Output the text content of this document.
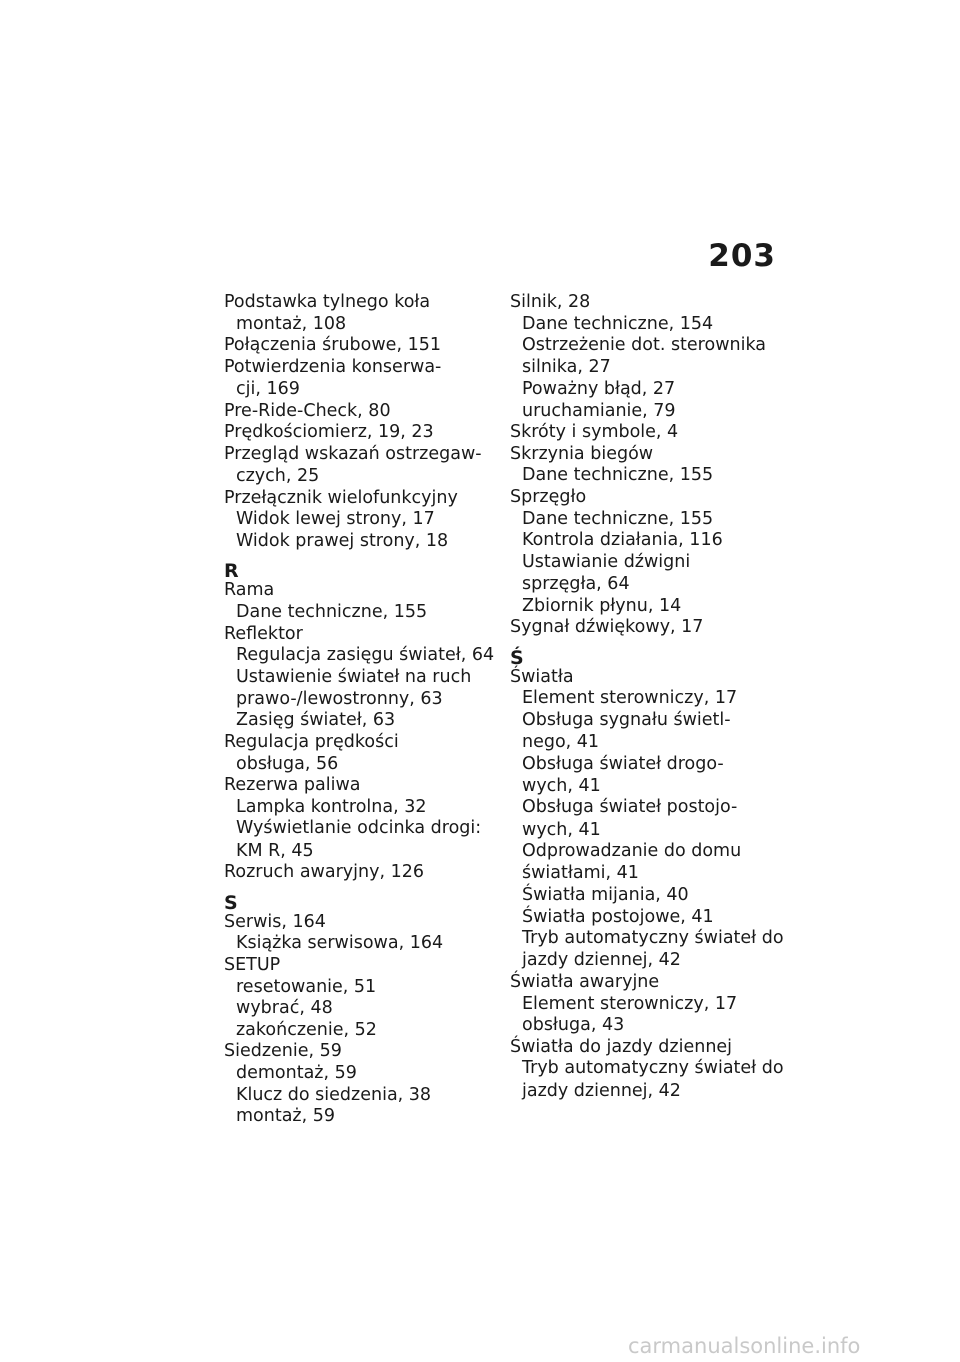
203
Podstawka tylnego koła
montaż, 108
Połączenia śrubowe, 151
Potwierdzenia konserwa-
cji, 169
Pre-Ride-Check, 80
Prędkościomierz, 19, 23
Przegląd wskazań ostrzegaw-
czych, 25
Przełącznik wielofunkcyjny
Widok lewej strony, 17
Widok prawej strony, 18
R
Rama
Dane techniczne, 155
Reflektor
Regulacja zasięgu świateł, 64
Ustawienie świateł na ruch
prawo-/lewostronny, 63
Zasięg świateł, 63
Regulacja prędkości
obsługa, 56
Rezerwa paliwa
Lampka kontrolna, 32
Wyświetlanie odcinka drogi:
KM R, 45
Rozruch awaryjny, 126
S
Serwis, 164
Książka serwisowa, 164
SETUP
resetowanie, 51
wybrać, 48
zakończenie, 52
Siedzenie, 59
demontaż, 59
Klucz do siedzenia, 38
montaż, 59
Silnik, 28
Dane techniczne, 154
Ostrzeżenie dot. sterownika
silnika, 27
Poważny błąd, 27
uruchamianie, 79
Skróty i symbole, 4
Skrzynia biegów
Dane techniczne, 155
Sprzęgło
Dane techniczne, 155
Kontrola działania, 116
Ustawianie dźwigni
sprzęgła, 64
Zbiornik płynu, 14
Sygnał dźwiękowy, 17
Ś
Światła
Element sterowniczy, 17
Obsługa sygnału świetl-
nego, 41
Obsługa świateł drogo-
wych, 41
Obsługa świateł postojo-
wych, 41
Odprowadzanie do domu
światłami, 41
Światła mijania, 40
Światła postojowe, 41
Tryb automatyczny świateł do
jazdy dziennej, 42
Światła awaryjne
Element sterowniczy, 17
obsługa, 43
Światła do jazdy dziennej
Tryb automatyczny świateł do
jazdy dziennej, 42
carmanualsonline.info
